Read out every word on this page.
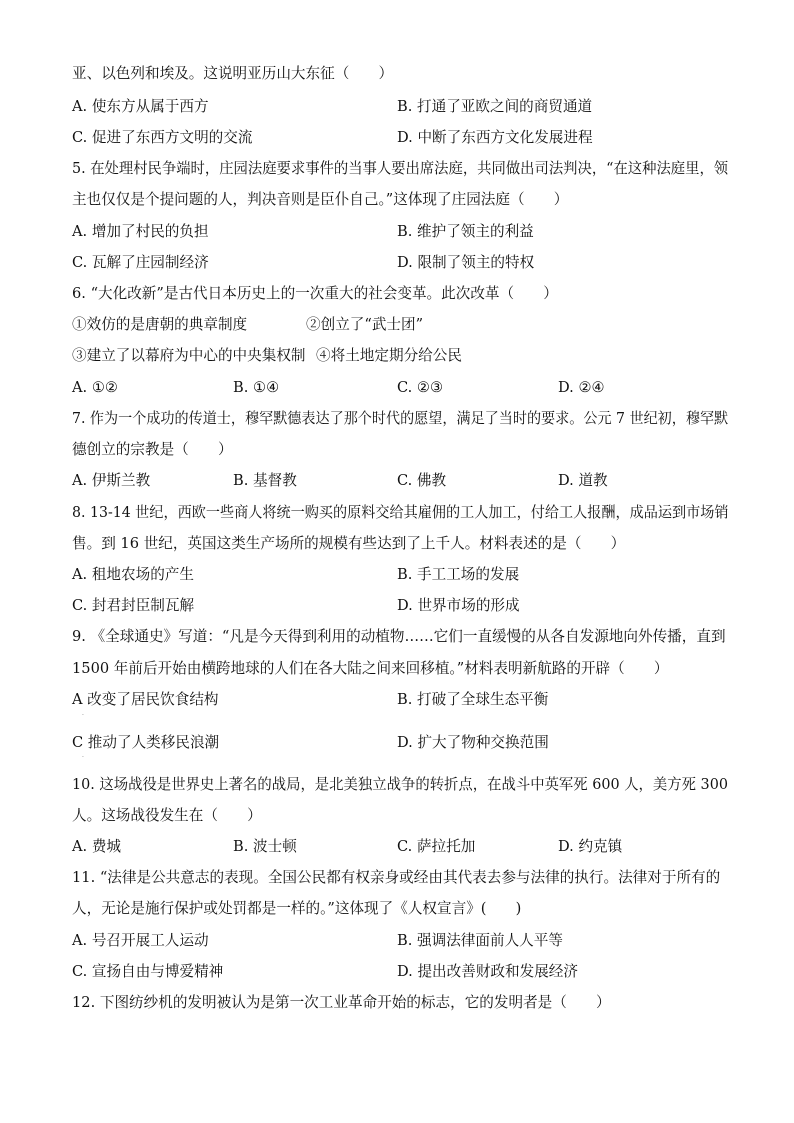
亚、以色列和埃及。这说明亚历山大东征（　　）
A. 使东方从属于西方	B. 打通了亚欧之间的商贸通道
C. 促进了东西方文明的交流	D. 中断了东西方文化发展进程
5. 在处理村民争端时，庄园法庭要求事件的当事人要出席法庭，共同做出司法判决，“在这种法庭里，领
主也仅仅是个提问题的人，判决音则是臣仆自己。”这体现了庄园法庭（　　）
A. 增加了村民的负担	B. 维护了领主的利益
C. 瓦解了庄园制经济	D. 限制了领主的特权
6. “大化改新”是古代日本历史上的一次重大的社会变革。此次改革（　　）
①效仿的是唐朝的典章制度	②创立了“武士团”
③建立了以幕府为中心的中央集权制 ④将土地定期分给公民
A. ①②	B. ①④	C. ②③	D. ②④
7. 作为一个成功的传道士，穆罕默德表达了那个时代的愿望，满足了当时的要求。公元 7 世纪初，穆罕默
德创立的宗教是（　　）
A. 伊斯兰教	B. 基督教	C. 佛教	D. 道教
8. 13-14 世纪，西欧一些商人将统一购买的原料交给其雇佣的工人加工，付给工人报酬，成品运到市场销
售。到 16 世纪，英国这类生产场所的规模有些达到了上千人。材料表述的是（　　）
A. 租地农场的产生	B. 手工工场的发展
C. 封君封臣制瓦解	D. 世界市场的形成
9. 《全球通史》写道：“凡是今天得到利用的动植物……它们一直缓慢的从各自发源地向外传播，直到
1500 年前后开始由横跨地球的人们在各大陆之间来回移植。”材料表明新航路的开辟（　　）
A 改变了居民饮食结构	B. 打破了全球生态平衡
·
C 推动了人类移民浪潮	D. 扩大了物种交换范围
·
10. 这场战役是世界史上著名的战局，是北美独立战争的转折点，在战斗中英军死 600 人，美方死 300
人。这场战役发生在（　　）
A. 费城	B. 波士顿	C. 萨拉托加	D. 约克镇
11. “法律是公共意志的表现。全国公民都有权亲身或经由其代表去参与法律的执行。法律对于所有的
人，无论是施行保护或处罚都是一样的。”这体现了《人权宣言》(　　)
A. 号召开展工人运动	B. 强调法律面前人人平等
C. 宣扬自由与博爱精神	D. 提出改善财政和发展经济
12. 下图纺纱机的发明被认为是第一次工业革命开始的标志，它的发明者是（　　）
